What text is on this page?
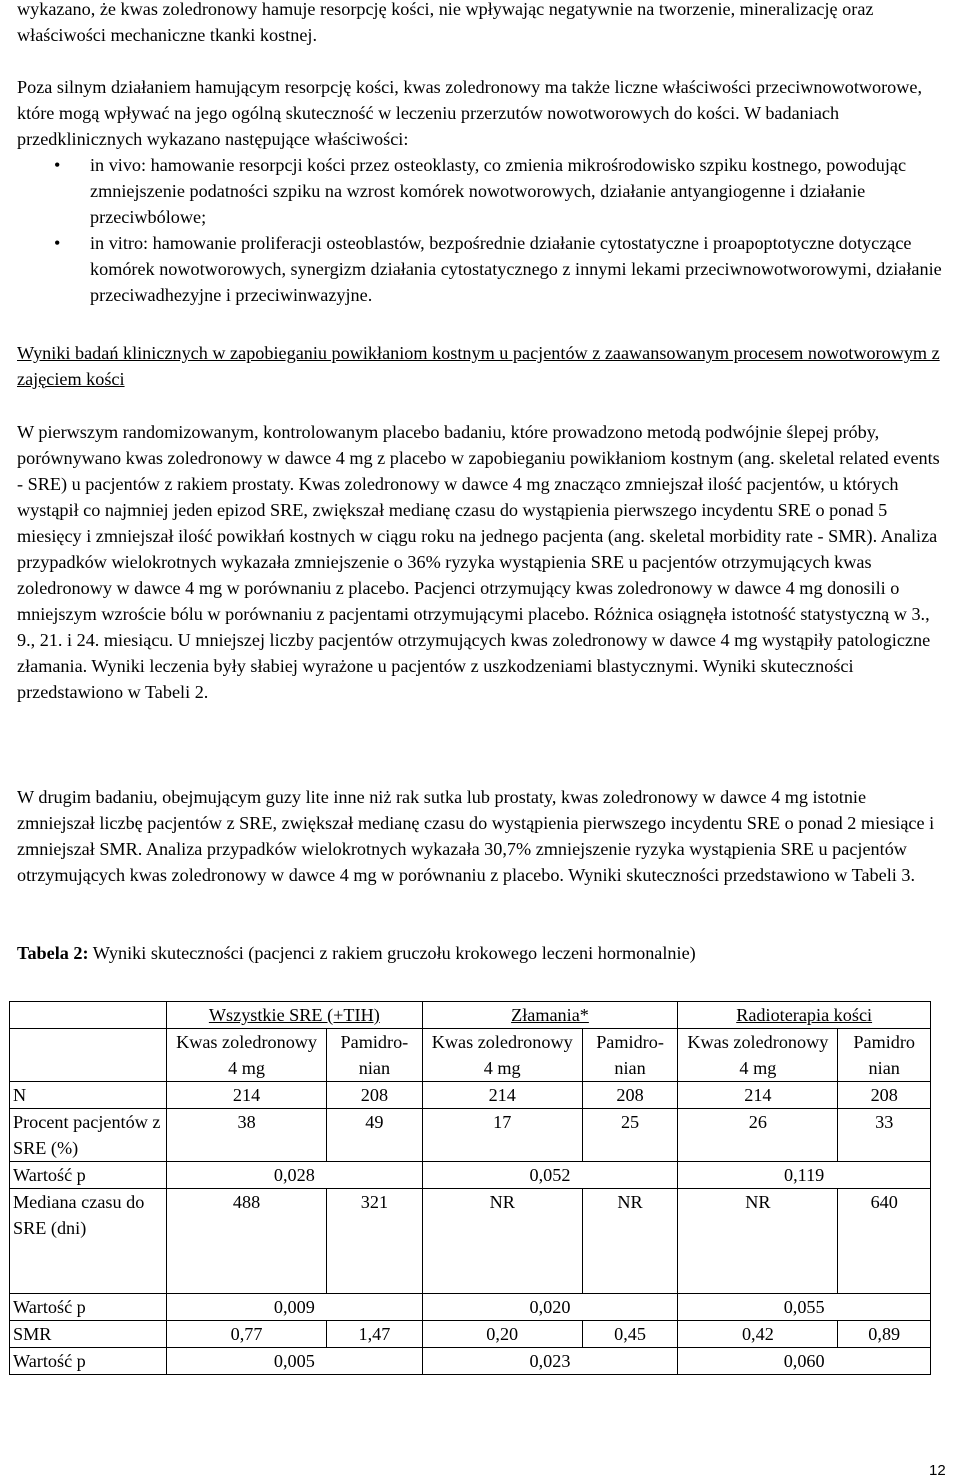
wykazano, że kwas zoledronowy hamuje resorpcję kości, nie wpływając negatywnie na tworzenie, mineralizację oraz właściwości mechaniczne tkanki kostnej.

Poza silnym działaniem hamującym resorpcję kości, kwas zoledronowy ma także liczne właściwości przeciwnowotworowe, które mogą wpływać na jego ogólną skuteczność w leczeniu przerzutów nowotworowych do kości. W badaniach przedklinicznych wykazano następujące właściwości:

• in vivo: hamowanie resorpcji kości przez osteoklasty, co zmienia mikrośrodowisko szpiku kostnego, powodując zmniejszenie podatności szpiku na wzrost komórek nowotworowych, działanie antyangiogenne i działanie przeciwbólowe;
• in vitro: hamowanie proliferacji osteoblastów, bezpośrednie działanie cytostatyczne i proapoptotyczne dotyczące komórek nowotworowych, synergizm działania cytostatycznego z innymi lekami przeciwnowotworowymi, działanie przeciwadhezyjne i przeciwinwazyjne.

Wyniki badań klinicznych w zapobieganiu powikłaniom kostnym u pacjentów z zaawansowanym procesem nowotworowym z zajęciem kości

W pierwszym randomizowanym, kontrolowanym placebo badaniu, które prowadzono metodą podwójnie ślepej próby, porównywano kwas zoledronowy w dawce 4 mg z placebo w zapobieganiu powikłaniom kostnym (ang. skeletal related events - SRE) u pacjentów z rakiem prostaty. Kwas zoledronowy w dawce 4 mg znacząco zmniejszał ilość pacjentów, u których wystąpił co najmniej jeden epizod SRE, zwiększał medianę czasu do wystąpienia pierwszego incydentu SRE o ponad 5 miesięcy i zmniejszał ilość powikłań kostnych w ciągu roku na jednego pacjenta (ang. skeletal morbidity rate - SMR). Analiza przypadków wielokrotnych wykazała zmniejszenie o 36% ryzyka wystąpienia SRE u pacjentów otrzymujących kwas zoledronowy w dawce 4 mg w porównaniu z placebo. Pacjenci otrzymujący kwas zoledronowy w dawce 4 mg donosili o mniejszym wzroście bólu w porównaniu z pacjentami otrzymującymi placebo. Różnica osiągnęła istotność statystyczną w 3., 9., 21. i 24. miesiącu. U mniejszej liczby pacjentów otrzymujących kwas zoledronowy w dawce 4 mg wystąpiły patologiczne złamania. Wyniki leczenia były słabiej wyrażone u pacjentów z uszkodzeniami blastycznymi. Wyniki skuteczności przedstawiono w Tabeli 2.

W drugim badaniu, obejmującym guzy lite inne niż rak sutka lub prostaty, kwas zoledronowy w dawce 4 mg istotnie zmniejszał liczbę pacjentów z SRE, zwiększał medianę czasu do wystąpienia pierwszego incydentu SRE o ponad 2 miesiące i zmniejszał SMR. Analiza przypadków wielokrotnych wykazała 30,7% zmniejszenie ryzyka wystąpienia SRE u pacjentów otrzymujących kwas zoledronowy w dawce 4 mg w porównaniu z placebo. Wyniki skuteczności przedstawiono w Tabeli 3.

Tabela 2: Wyniki skuteczności (pacjenci z rakiem gruczołu krokowego leczeni hormonalnie)

	Wszystkie SRE (+TIH)		Złamania*		Radioterapia kości	
	Kwas zoledronowy 4 mg	Pamidro-nian	Kwas zoledronowy 4 mg	Pamidro-nian	Kwas zoledronowy 4 mg	Pamidro nian
N	214	208	214	208	214	208
Procent pacjentów z SRE (%)	38	49	17	25	26	33
Wartość p	0,028		0,052		0,119	
Mediana czasu do SRE (dni)	488	321	NR	NR	NR	640
Wartość p	0,009		0,020		0,055	
SMR	0,77	1,47	0,20	0,45	0,42	0,89
Wartość p	0,005		0,023		0,060	
12
